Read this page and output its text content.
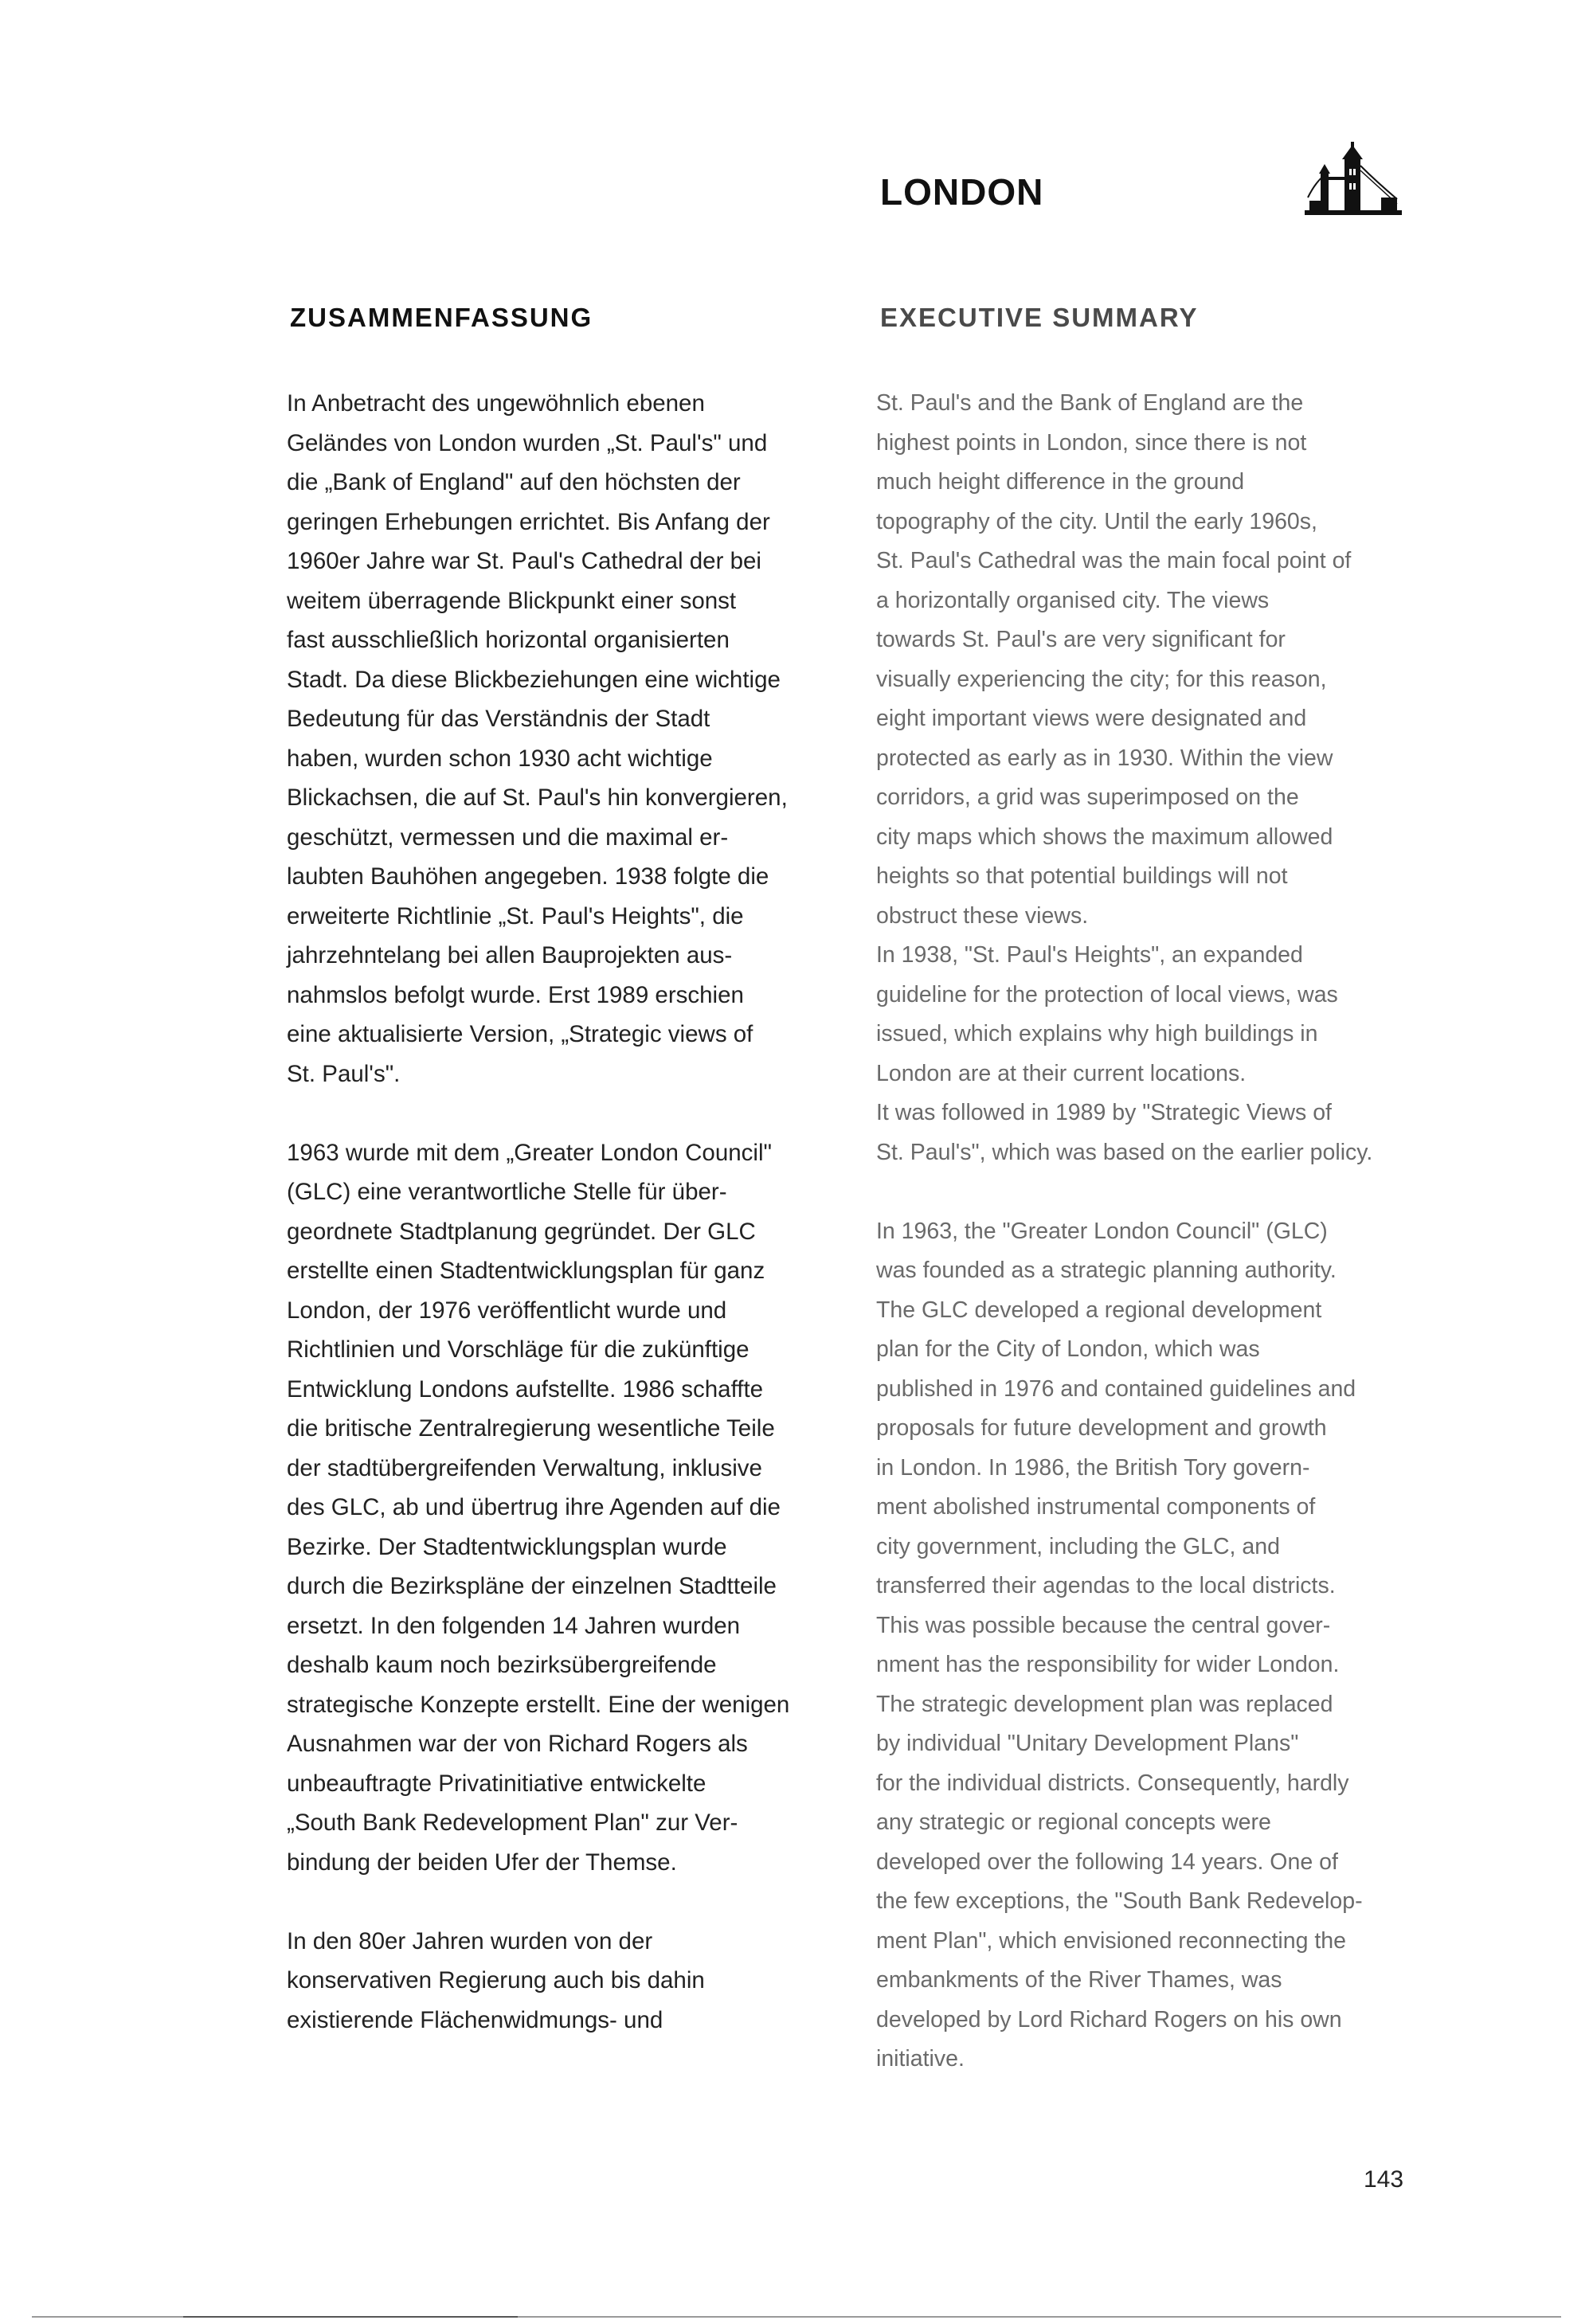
LONDON
ZUSAMMENFASSUNG	EXECUTIVE SUMMARY

In Anbetracht des ungewöhnlich ebenen
Geländes von London wurden „St. Paul's" und
die „Bank of England" auf den höchsten der
geringen Erhebungen errichtet. Bis Anfang der
1960er Jahre war St. Paul's Cathedral der bei
weitem überragende Blickpunkt einer sonst
fast ausschließlich horizontal organisierten
Stadt. Da diese Blickbeziehungen eine wichtige
Bedeutung für das Verständnis der Stadt
haben, wurden schon 1930 acht wichtige
Blickachsen, die auf St. Paul's hin konvergieren,
geschützt, vermessen und die maximal er-
laubten Bauhöhen angegeben. 1938 folgte die
erweiterte Richtlinie „St. Paul's Heights", die
jahrzehntelang bei allen Bauprojekten aus-
nahmslos befolgt wurde. Erst 1989 erschien
eine aktualisierte Version, „Strategic views of
St. Paul's".

1963 wurde mit dem „Greater London Council"
(GLC) eine verantwortliche Stelle für über-
geordnete Stadtplanung gegründet. Der GLC
erstellte einen Stadtentwicklungsplan für ganz
London, der 1976 veröffentlicht wurde und
Richtlinien und Vorschläge für die zukünftige
Entwicklung Londons aufstellte. 1986 schaffte
die britische Zentralregierung wesentliche Teile
der stadtübergreifenden Verwaltung, inklusive
des GLC, ab und übertrug ihre Agenden auf die
Bezirke. Der Stadtentwicklungsplan wurde
durch die Bezirkspläne der einzelnen Stadtteile
ersetzt. In den folgenden 14 Jahren wurden
deshalb kaum noch bezirksübergreifende
strategische Konzepte erstellt. Eine der wenigen
Ausnahmen war der von Richard Rogers als
unbeauftragte Privatinitiative entwickelte
„South Bank Redevelopment Plan" zur Ver-
bindung der beiden Ufer der Themse.

In den 80er Jahren wurden von der
konservativen Regierung auch bis dahin
existierende Flächenwidmungs- und

St. Paul's and the Bank of England are the
highest points in London, since there is not
much height difference in the ground
topography of the city. Until the early 1960s,
St. Paul's Cathedral was the main focal point of
a horizontally organised city. The views
towards St. Paul's are very significant for
visually experiencing the city; for this reason,
eight important views were designated and
protected as early as in 1930. Within the view
corridors, a grid was superimposed on the
city maps which shows the maximum allowed
heights so that potential buildings will not
obstruct these views.
In 1938, "St. Paul's Heights", an expanded
guideline for the protection of local views, was
issued, which explains why high buildings in
London are at their current locations.
It was followed in 1989 by "Strategic Views of
St. Paul's", which was based on the earlier policy.

In 1963, the "Greater London Council" (GLC)
was founded as a strategic planning authority.
The GLC developed a regional development
plan for the City of London, which was
published in 1976 and contained guidelines and
proposals for future development and growth
in London. In 1986, the British Tory govern-
ment abolished instrumental components of
city government, including the GLC, and
transferred their agendas to the local districts.
This was possible because the central gover-
nment has the responsibility for wider London.
The strategic development plan was replaced
by individual "Unitary Development Plans"
for the individual districts. Consequently, hardly
any strategic or regional concepts were
developed over the following 14 years. One of
the few exceptions, the "South Bank Redevelop-
ment Plan", which envisioned reconnecting the
embankments of the River Thames, was
developed by Lord Richard Rogers on his own
initiative.

143
